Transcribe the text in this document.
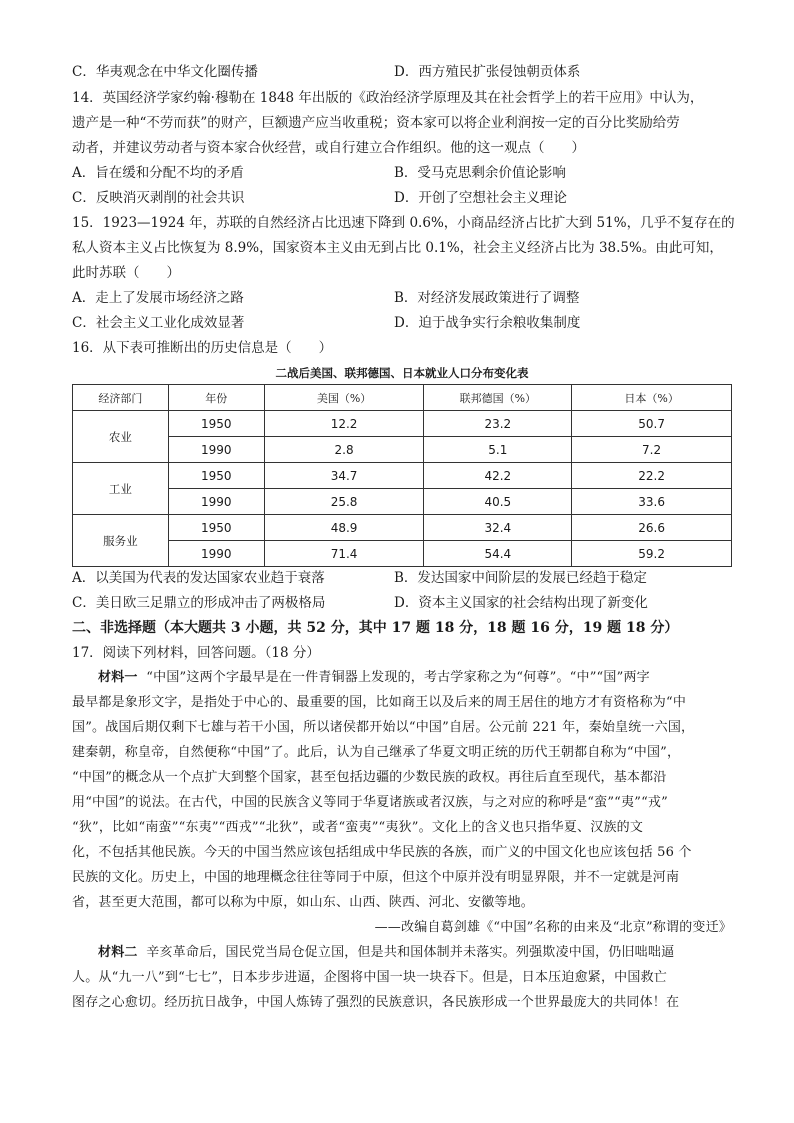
C．华夷观念在中华文化圈传播	D．西方殖民扩张侵蚀朝贡体系
14．英国经济学家约翰·穆勒在 1848 年出版的《政治经济学原理及其在社会哲学上的若干应用》中认为，
遗产是一种“不劳而获”的财产，巨额遗产应当收重税；资本家可以将企业利润按一定的百分比奖励给劳
动者，并建议劳动者与资本家合伙经营，或自行建立合作组织。他的这一观点（　　）
A．旨在缓和分配不均的矛盾	B．受马克思剩余价值论影响
C．反映消灭剥削的社会共识	D．开创了空想社会主义理论
15．1923—1924 年，苏联的自然经济占比迅速下降到 0.6%，小商品经济占比扩大到 51%，几乎不复存在的
私人资本主义占比恢复为 8.9%，国家资本主义由无到占比 0.1%，社会主义经济占比为 38.5%。由此可知，
此时苏联（　　）
A．走上了发展市场经济之路	B．对经济发展政策进行了调整
C．社会主义工业化成效显著	D．迫于战争实行余粮收集制度
16．从下表可推断出的历史信息是（　　）
二战后美国、联邦德国、日本就业人口分布变化表
经济部门	年份	美国（%）	联邦德国（%）	日本（%）
农业	1950	12.2	23.2	50.7
	1990	2.8	5.1	7.2
工业	1950	34.7	42.2	22.2
	1990	25.8	40.5	33.6
服务业	1950	48.9	32.4	26.6
	1990	71.4	54.4	59.2
A．以美国为代表的发达国家农业趋于衰落	B．发达国家中间阶层的发展已经趋于稳定
C．美日欧三足鼎立的形成冲击了两极格局	D．资本主义国家的社会结构出现了新变化
二、非选择题（本大题共 3 小题，共 52 分，其中 17 题 18 分，18 题 16 分，19 题 18 分）
17．阅读下列材料，回答问题。（18 分）
材料一 “中国”这两个字最早是在一件青铜器上发现的，考古学家称之为“何尊”。“中”“国”两字
最早都是象形文字，是指处于中心的、最重要的国，比如商王以及后来的周王居住的地方才有资格称为“中
国”。战国后期仅剩下七雄与若干小国，所以诸侯都开始以“中国”自居。公元前 221 年，秦始皇统一六国，
建秦朝，称皇帝，自然便称“中国”了。此后，认为自己继承了华夏文明正统的历代王朝都自称为“中国”，
“中国”的概念从一个点扩大到整个国家，甚至包括边疆的少数民族的政权。再往后直至现代，基本都沿
用“中国”的说法。在古代，中国的民族含义等同于华夏诸族或者汉族，与之对应的称呼是“蛮”“夷”“戎”
“狄”，比如“南蛮”“东夷”“西戎”“北狄”，或者“蛮夷”“夷狄”。文化上的含义也只指华夏、汉族的文
化，不包括其他民族。今天的中国当然应该包括组成中华民族的各族，而广义的中国文化也应该包括 56 个
民族的文化。历史上，中国的地理概念往往等同于中原，但这个中原并没有明显界限，并不一定就是河南
省，甚至更大范围，都可以称为中原，如山东、山西、陕西、河北、安徽等地。
——改编自葛剑雄《“中国”名称的由来及“北京”称谓的变迁》
材料二 辛亥革命后，国民党当局仓促立国，但是共和国体制并未落实。列强欺凌中国，仍旧咄咄逼
人。从“九一八”到“七七”，日本步步进逼，企图将中国一块一块吞下。但是，日本压迫愈紧，中国救亡
图存之心愈切。经历抗日战争，中国人炼铸了强烈的民族意识，各民族形成一个世界最庞大的共同体！在
